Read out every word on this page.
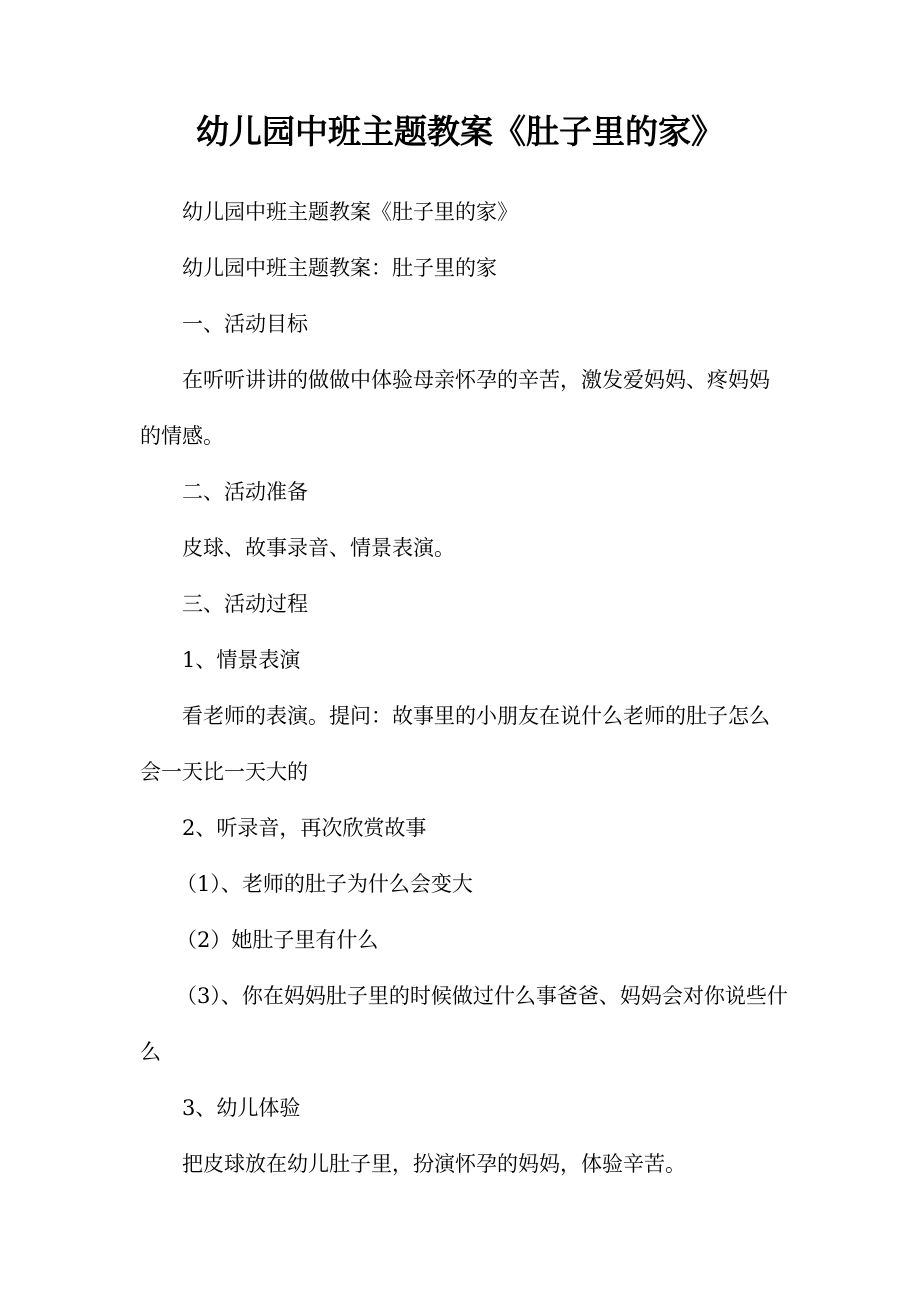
幼儿园中班主题教案《肚子里的家》
幼儿园中班主题教案《肚子里的家》
幼儿园中班主题教案：肚子里的家
一、活动目标
在听听讲讲的做做中体验母亲怀孕的辛苦，激发爱妈妈、疼妈妈的情感。
二、活动准备
皮球、故事录音、情景表演。
三、活动过程
1、情景表演
看老师的表演。提问：故事里的小朋友在说什么老师的肚子怎么会一天比一天大的
2、听录音，再次欣赏故事
（1）、老师的肚子为什么会变大
（2）她肚子里有什么
（3）、你在妈妈肚子里的时候做过什么事爸爸、妈妈会对你说些什么
3、幼儿体验
把皮球放在幼儿肚子里，扮演怀孕的妈妈，体验辛苦。
